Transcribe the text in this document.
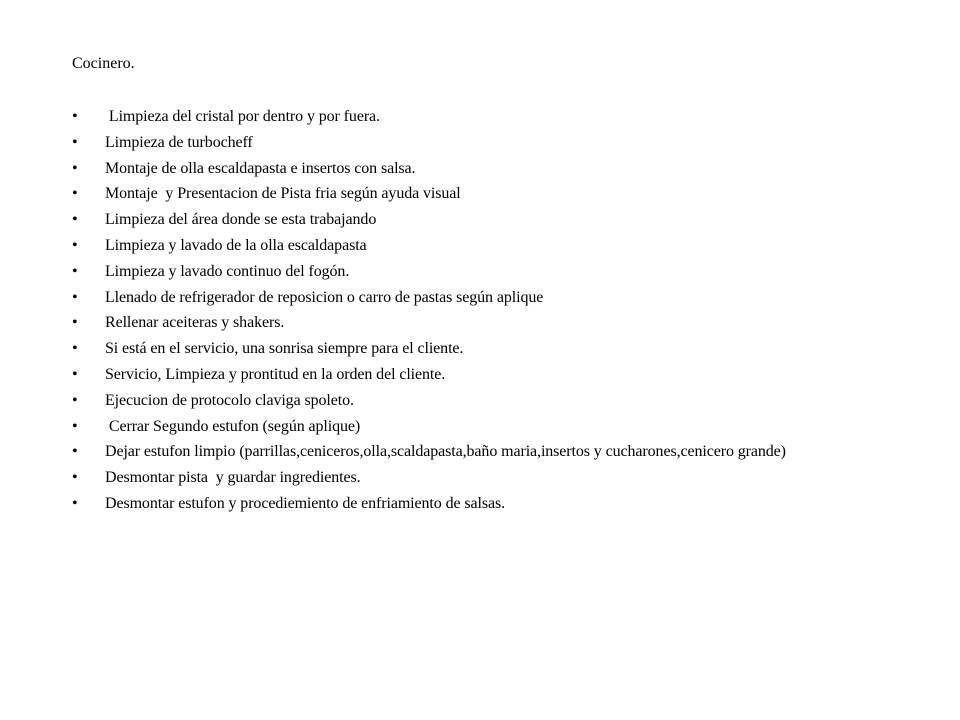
Cocinero.
• Limpieza del cristal por dentro y por fuera.
• Limpieza de turbocheff
• Montaje de olla escaldapasta e insertos con salsa.
• Montaje  y Presentacion de Pista fria según ayuda visual
• Limpieza del área donde se esta trabajando
• Limpieza y lavado de la olla escaldapasta
• Limpieza y lavado continuo del fogón.
• Llenado de refrigerador de reposicion o carro de pastas según aplique
• Rellenar aceiteras y shakers.
• Si está en el servicio, una sonrisa siempre para el cliente.
• Servicio, Limpieza y prontitud en la orden del cliente.
• Ejecucion de protocolo claviga spoleto.
• Cerrar Segundo estufon (según aplique)
• Dejar estufon limpio (parrillas,ceniceros,olla,scaldapasta,baño maria,insertos y cucharones,cenicero grande)
• Desmontar pista  y guardar ingredientes.
• Desmontar estufon y procediemiento de enfriamiento de salsas.
